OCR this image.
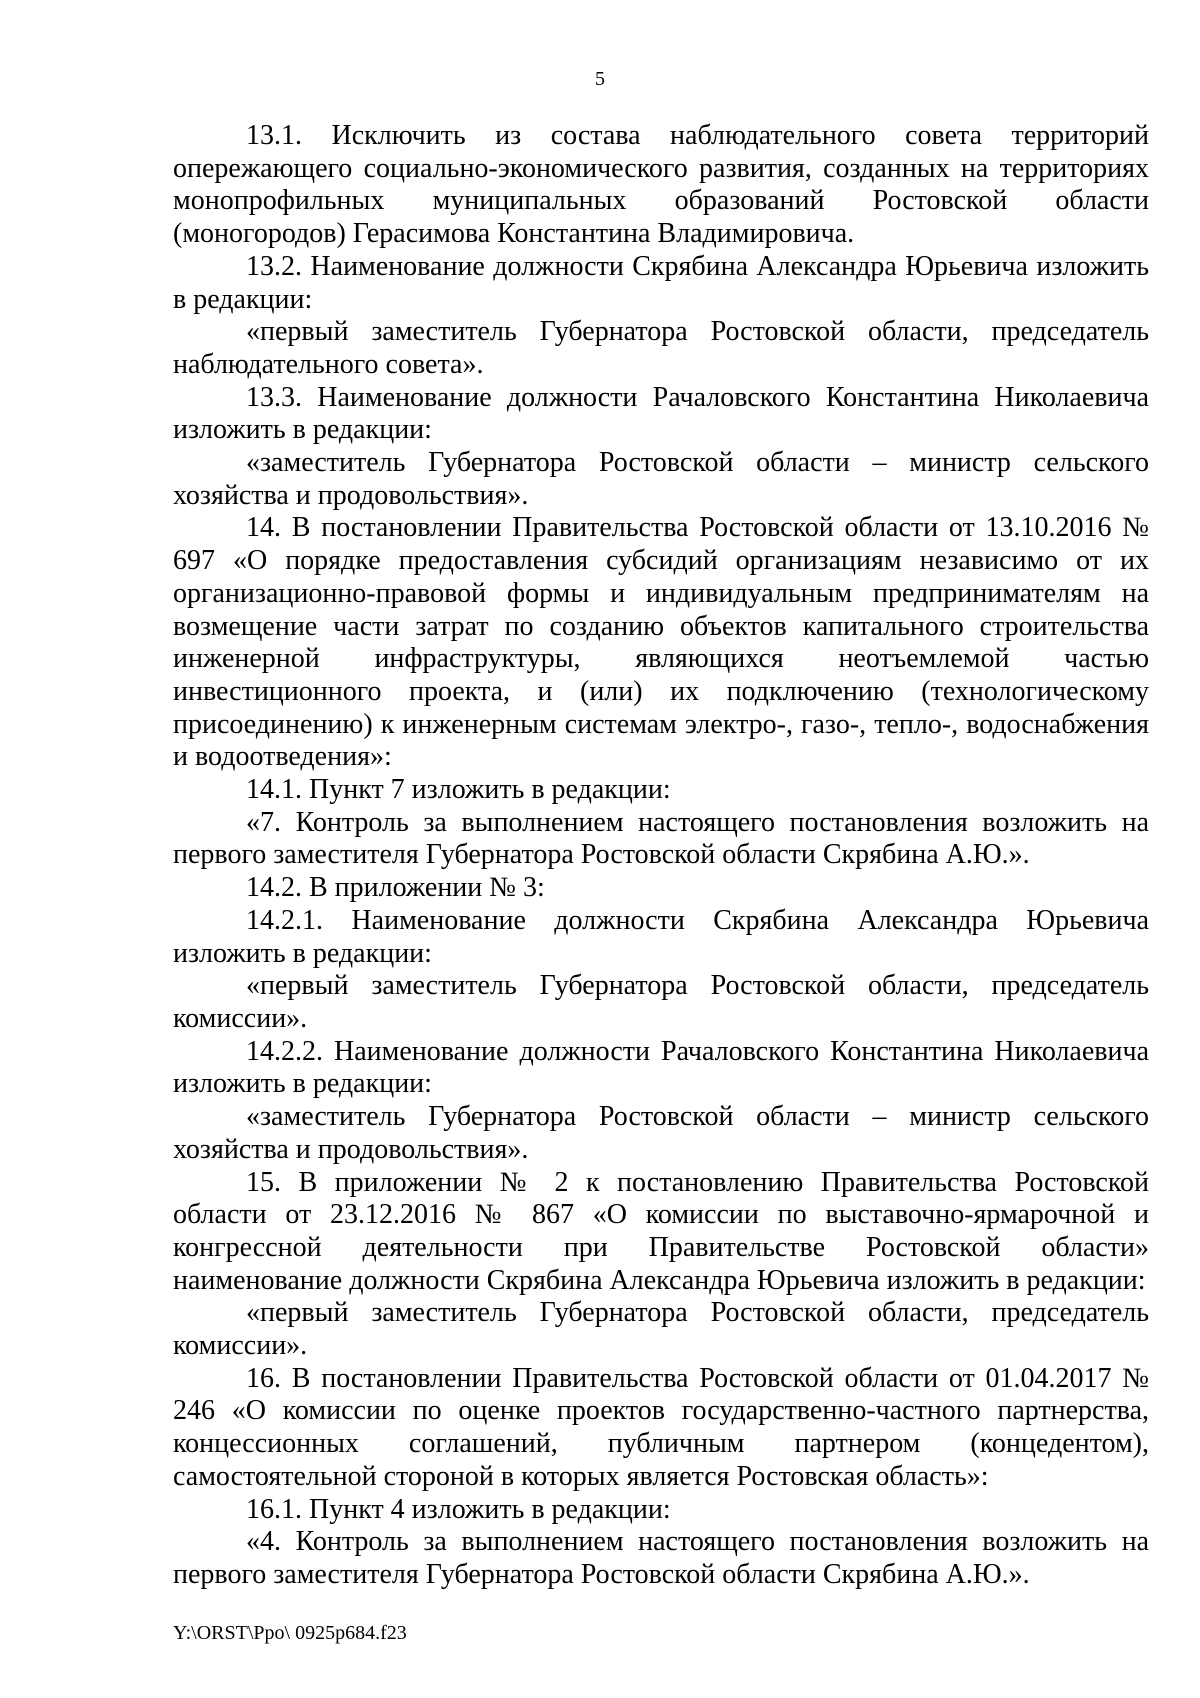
5

13.1. Исключить из состава наблюдательного совета территорий опережающего социально-экономического развития, созданных на территориях монопрофильных муниципальных образований Ростовской области (моногородов) Герасимова Константина Владимировича.

13.2. Наименование должности Скрябина Александра Юрьевича изложить в редакции:

«первый заместитель Губернатора Ростовской области, председатель наблюдательного совета».

13.3. Наименование должности Рачаловского Константина Николаевича изложить в редакции:

«заместитель Губернатора Ростовской области – министр сельского хозяйства и продовольствия».

14. В постановлении Правительства Ростовской области от 13.10.2016 № 697 «О порядке предоставления субсидий организациям независимо от их организационно-правовой формы и индивидуальным предпринимателям на возмещение части затрат по созданию объектов капитального строительства инженерной инфраструктуры, являющихся неотъемлемой частью инвестиционного проекта, и (или) их подключению (технологическому присоединению) к инженерным системам электро-, газо-, тепло-, водоснабжения и водоотведения»:

14.1. Пункт 7 изложить в редакции:

«7. Контроль за выполнением настоящего постановления возложить на первого заместителя Губернатора Ростовской области Скрябина А.Ю.».

14.2. В приложении № 3:

14.2.1. Наименование должности Скрябина Александра Юрьевича изложить в редакции:

«первый заместитель Губернатора Ростовской области, председатель комиссии».

14.2.2. Наименование должности Рачаловского Константина Николаевича изложить в редакции:

«заместитель Губернатора Ростовской области – министр сельского хозяйства и продовольствия».

15. В приложении № 2 к постановлению Правительства Ростовской области от 23.12.2016 № 867 «О комиссии по выставочно-ярмарочной и конгрессной деятельности при Правительстве Ростовской области» наименование должности Скрябина Александра Юрьевича изложить в редакции:

«первый заместитель Губернатора Ростовской области, председатель комиссии».

16. В постановлении Правительства Ростовской области от 01.04.2017 № 246 «О комиссии по оценке проектов государственно-частного партнерства, концессионных соглашений, публичным партнером (концедентом), самостоятельной стороной в которых является Ростовская область»:

16.1. Пункт 4 изложить в редакции:

«4. Контроль за выполнением настоящего постановления возложить на первого заместителя Губернатора Ростовской области Скрябина А.Ю.».

Y:\ORST\Ppo\ 0925p684.f23
